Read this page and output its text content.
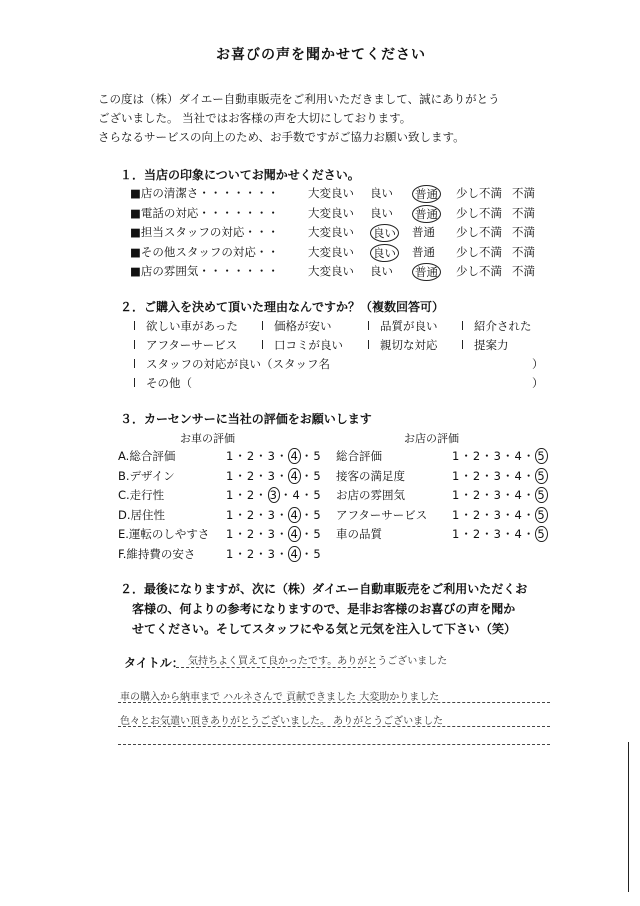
お喜びの声を聞かせてください
この度は（株）ダイエー自動車販売をご利用いただきまして、誠にありがとう
ございました。 当社ではお客様の声を大切にしております。
さらなるサービスの向上のため、お手数ですがご協力お願い致します。
１．当店の印象についてお聞かせください。
■店の清潔さ・・・・・・・	大変良い 良い 普通 少し不満 不満
■電話の対応・・・・・・・	大変良い 良い 普通 少し不満 不満
■担当スタッフの対応・・・	大変良い 良い 普通 少し不満 不満
■その他スタッフの対応・・	大変良い 良い 普通 少し不満 不満
■店の雰囲気・・・・・・・	大変良い 良い 普通 少し不満 不満
２．ご購入を決めて頂いた理由なんですか？（複数回答可）
欲しい車があった	価格が安い	品質が良い	紹介された
アフターサービス	口コミが良い	親切な対応	提案力
スタッフの対応が良い（スタッフ名	）
その他（	）
３．カーセンサーに当社の評価をお願いします
お車の評価	お店の評価
A.総合評価	1・2・3・ 4 ・5
B.デザイン	1・2・3・ 4 ・5
C.走行性	1・2・ 3 ・4・5
D.居住性	1・2・3・ 4 ・5
E.運転のしやすさ 1・2・3・ 4 ・5
F.維持費の安さ	1・2・3・ 4 ・5
総合評価	1・2・3・4・ 5
接客の満足度	1・2・3・4・ 5
お店の雰囲気	1・2・3・4・ 5
アフターサービス 1・2・3・4・ 5
車の品質	1・2・3・4・ 5
２．最後になりますが、次に（株）ダイエー自動車販売をご利用いただくお
客様の、何よりの参考になりますので、是非お客様のお喜びの声を聞か
せてください。そしてスタッフにやる気と元気を注入して下さい（笑）
タイトル： 気持ちよく買えて良かったです。ありがとうございました
車の購入から納車まで ハルネさんで 貢献できました 大変助かりました
色々とお気遣い頂きありがとうございました。 ありがとうございました
